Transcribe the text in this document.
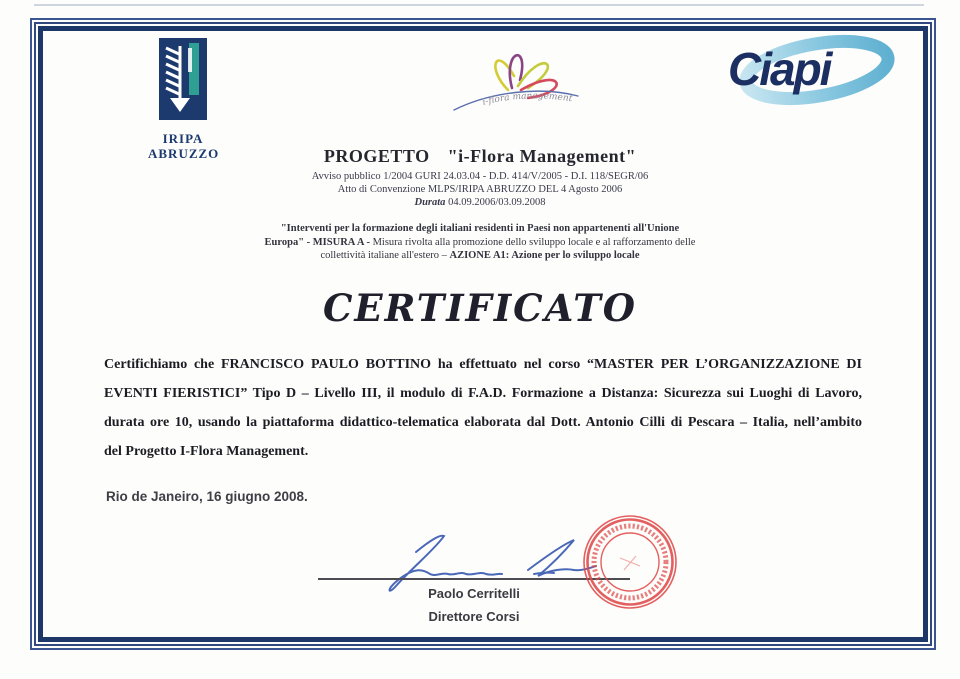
IRIPA
ABRUZZO
i-flora management
Ciapi
PROGETTO "i-Flora Management"
Avviso pubblico 1/2004 GURI 24.03.04 - D.D. 414/V/2005 - D.I. 118/SEGR/06
Atto di Convenzione MLPS/IRIPA ABRUZZO DEL 4 Agosto 2006
Durata 04.09.2006/03.09.2008
"Interventi per la formazione degli italiani residenti in Paesi non appartenenti all'Unione Europa" - MISURA A - Misura rivolta alla promozione dello sviluppo locale e al rafforzamento delle collettività italiane all'estero – AZIONE A1: Azione per lo sviluppo locale
CERTIFICATO
Certifichiamo che FRANCISCO PAULO BOTTINO ha effettuato nel corso “MASTER PER L’ORGANIZZAZIONE DI
EVENTI FIERISTICI” Tipo D – Livello III, il modulo di F.A.D. Formazione a Distanza: Sicurezza sui Luoghi di Lavoro,
durata ore 10, usando la piattaforma didattico-telematica elaborata dal Dott. Antonio Cilli di Pescara – Italia, nell’ambito
del Progetto I-Flora Management.
Rio de Janeiro, 16 giugno 2008.
Paolo Cerritelli
Direttore Corsi
